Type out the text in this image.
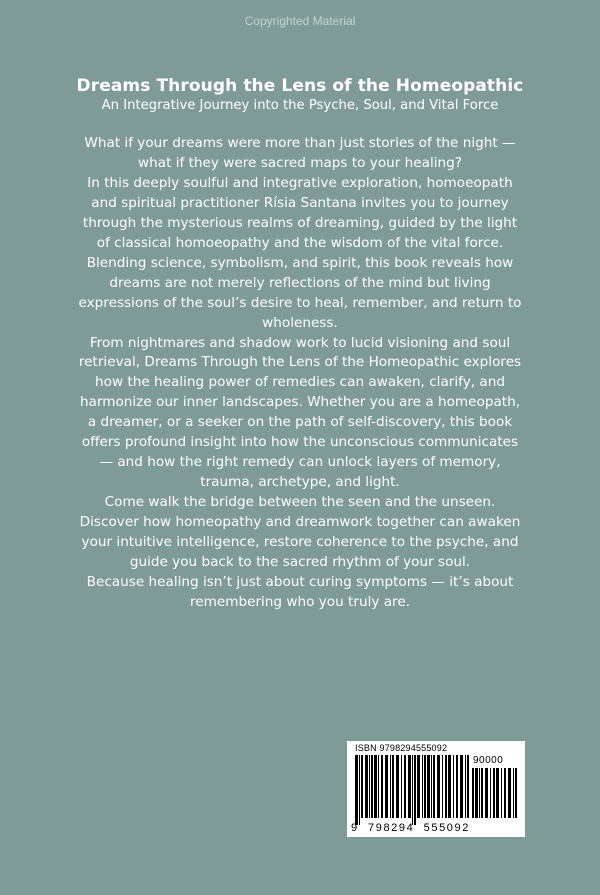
Copyrighted Material
Dreams Through the Lens of the Homeopathic
An Integrative Journey into the Psyche, Soul, and Vital Force

What if your dreams were more than just stories of the night —

what if they were sacred maps to your healing?

In this deeply soulful and integrative exploration, homoeopath

and spiritual practitioner Rísia Santana invites you to journey

through the mysterious realms of dreaming, guided by the light

of classical homoeopathy and the wisdom of the vital force.

Blending science, symbolism, and spirit, this book reveals how

dreams are not merely reflections of the mind but living

expressions of the soul’s desire to heal, remember, and return to

wholeness.

From nightmares and shadow work to lucid visioning and soul

retrieval, Dreams Through the Lens of the Homeopathic explores

how the healing power of remedies can awaken, clarify, and

harmonize our inner landscapes. Whether you are a homeopath,

a dreamer, or a seeker on the path of self-discovery, this book

offers profound insight into how the unconscious communicates

— and how the right remedy can unlock layers of memory,

trauma, archetype, and light.

Come walk the bridge between the seen and the unseen.

Discover how homeopathy and dreamwork together can awaken

your intuitive intelligence, restore coherence to the psyche, and

guide you back to the sacred rhythm of your soul.

Because healing isn’t just about curing symptoms — it’s about

remembering who you truly are.

ISBN 9798294555092
90000
9  798294  555092
